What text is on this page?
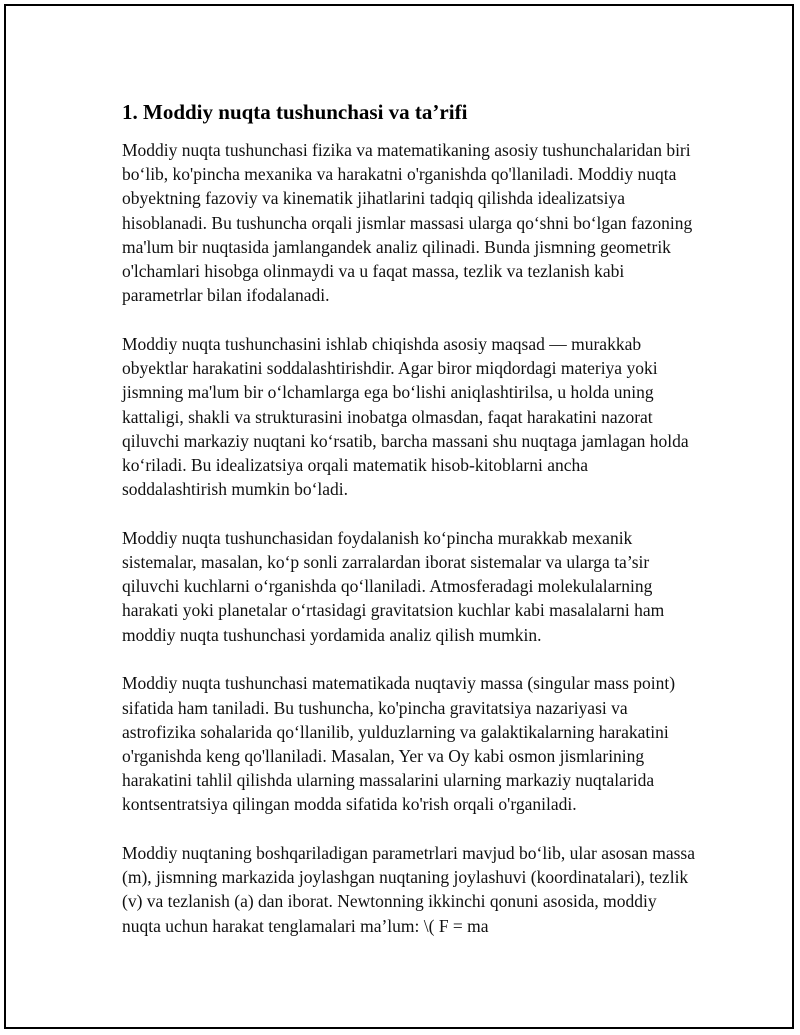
1. Moddiy nuqta tushunchasi va ta’rifi

Moddiy nuqta tushunchasi fizika va matematikaning asosiy tushunchalaridan biri bo‘lib, ko'pincha mexanika va harakatni o'rganishda qo'llaniladi. Moddiy nuqta obyektning fazoviy va kinematik jihatlarini tadqiq qilishda idealizatsiya hisoblanadi. Bu tushuncha orqali jismlar massasi ularga qo‘shni bo‘lgan fazoning ma'lum bir nuqtasida jamlangandek analiz qilinadi. Bunda jismning geometrik o'lchamlari hisobga olinmaydi va u faqat massa, tezlik va tezlanish kabi parametrlar bilan ifodalanadi.

Moddiy nuqta tushunchasini ishlab chiqishda asosiy maqsad — murakkab obyektlar harakatini soddalashtirishdir. Agar biror miqdordagi materiya yoki jismning ma'lum bir o‘lchamlarga ega bo‘lishi aniqlashtirilsa, u holda uning kattaligi, shakli va strukturasini inobatga olmasdan, faqat harakatini nazorat qiluvchi markaziy nuqtani ko‘rsatib, barcha massani shu nuqtaga jamlagan holda ko‘riladi. Bu idealizatsiya orqali matematik hisob-kitoblarni ancha soddalashtirish mumkin bo‘ladi.

Moddiy nuqta tushunchasidan foydalanish ko‘pincha murakkab mexanik sistemalar, masalan, ko‘p sonli zarralardan iborat sistemalar va ularga ta’sir qiluvchi kuchlarni o‘rganishda qo‘llaniladi. Atmosferadagi molekulalarning harakati yoki planetalar o‘rtasidagi gravitatsion kuchlar kabi masalalarni ham moddiy nuqta tushunchasi yordamida analiz qilish mumkin.

Moddiy nuqta tushunchasi matematikada nuqtaviy massa (singular mass point) sifatida ham taniladi. Bu tushuncha, ko'pincha gravitatsiya nazariyasi va astrofizika sohalarida qo‘llanilib, yulduzlarning va galaktikalarning harakatini o'rganishda keng qo'llaniladi. Masalan, Yer va Oy kabi osmon jismlarining harakatini tahlil qilishda ularning massalarini ularning markaziy nuqtalarida kontsentratsiya qilingan modda sifatida ko'rish orqali o'rganiladi.

Moddiy nuqtaning boshqariladigan parametrlari mavjud bo‘lib, ular asosan massa (m), jismning markazida joylashgan nuqtaning joylashuvi (koordinatalari), tezlik (v) va tezlanish (a) dan iborat. Newtonning ikkinchi qonuni asosida, moddiy nuqta uchun harakat tenglamalari ma’lum: \( F = ma
